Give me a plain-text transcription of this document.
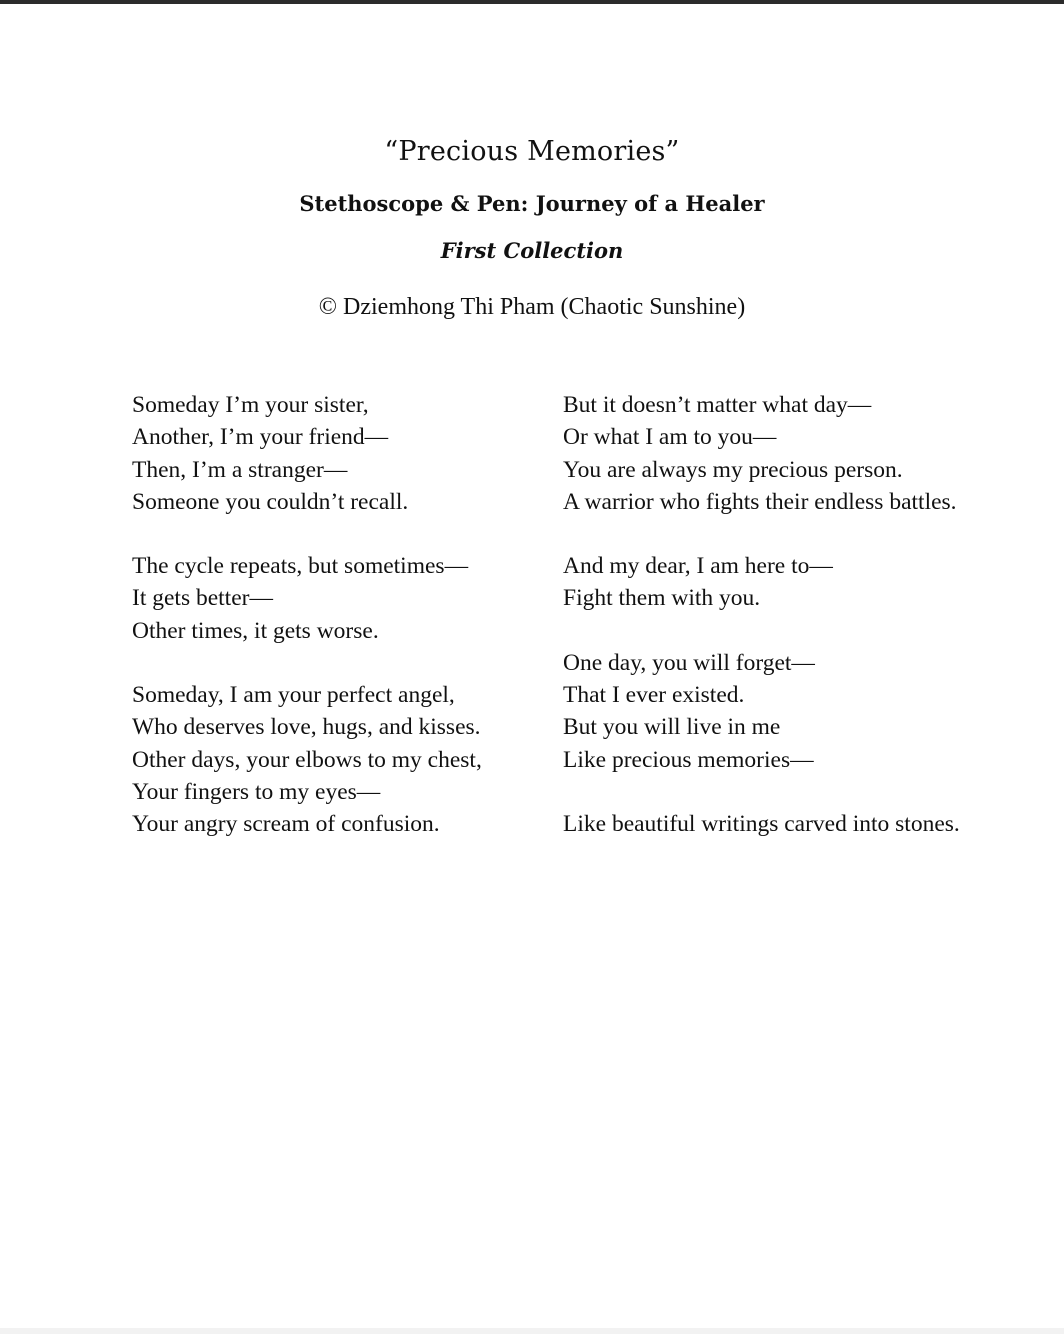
“Precious Memories”
Stethoscope & Pen: Journey of a Healer
First Collection
© Dziemhong Thi Pham (Chaotic Sunshine)
Someday I’m your sister,
Another, I’m your friend—
Then, I’m a stranger—
Someone you couldn’t recall.
The cycle repeats, but sometimes—
It gets better—
Other times, it gets worse.
Someday, I am your perfect angel,
Who deserves love, hugs, and kisses.
Other days, your elbows to my chest,
Your fingers to my eyes—
Your angry scream of confusion.
But it doesn’t matter what day—
Or what I am to you—
You are always my precious person.
A warrior who fights their endless battles.
And my dear, I am here to—
Fight them with you.
One day, you will forget—
That I ever existed.
But you will live in me
Like precious memories—
Like beautiful writings carved into stones.
